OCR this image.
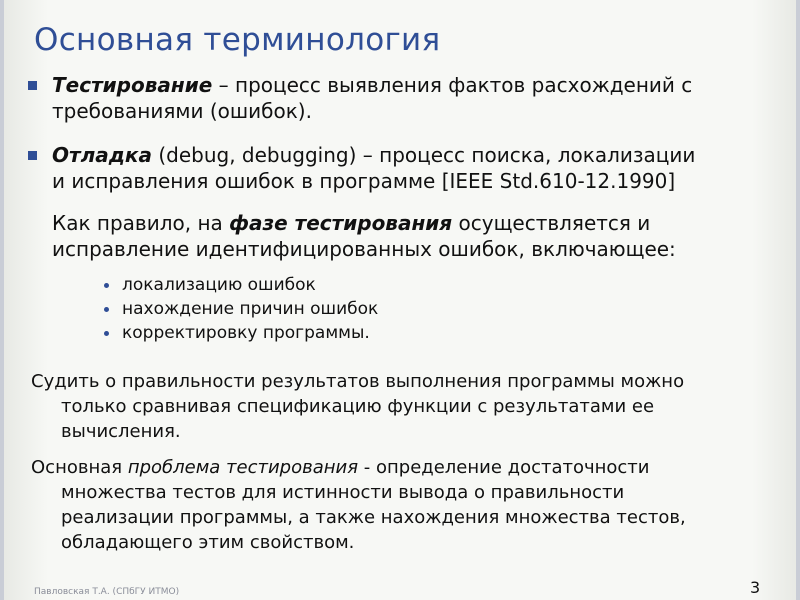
Основная терминология
Тестирование – процесс выявления фактов расхождений с
требованиями (ошибок).
Отладка (debug, debugging) – процесс поиска, локализации
и исправления ошибок в программе [IEEE Std.610-12.1990]
Как правило, на фазе тестирования осуществляется и
исправление идентифицированных ошибок, включающее:
локализацию ошибок
нахождение причин ошибок
корректировку программы.
Судить о правильности результатов выполнения программы можно
только сравнивая спецификацию функции с результатами ее
вычисления.
Основная проблема тестирования - определение достаточности
множества тестов для истинности вывода о правильности
реализации программы, а также нахождения множества тестов,
обладающего этим свойством.
Павловская Т.А. (СПбГУ ИТМО)	3
